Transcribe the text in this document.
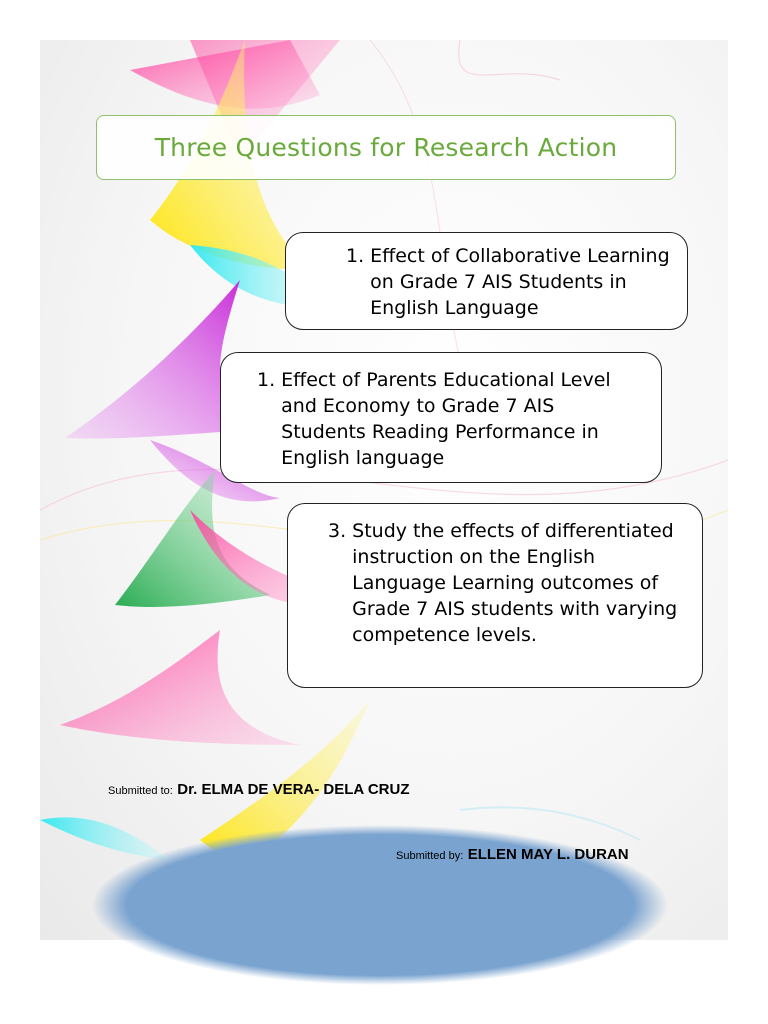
Three Questions for Research Action
1. Effect of Collaborative Learning on Grade 7 AIS Students in English Language
1. Effect of Parents Educational Level and Economy to Grade 7 AIS Students Reading Performance in English language
3. Study the effects of differentiated instruction on the English Language Learning outcomes of Grade 7 AIS students with varying competence levels.
Submitted to: Dr. ELMA DE VERA- DELA CRUZ
Submitted by: ELLEN MAY L. DURAN
